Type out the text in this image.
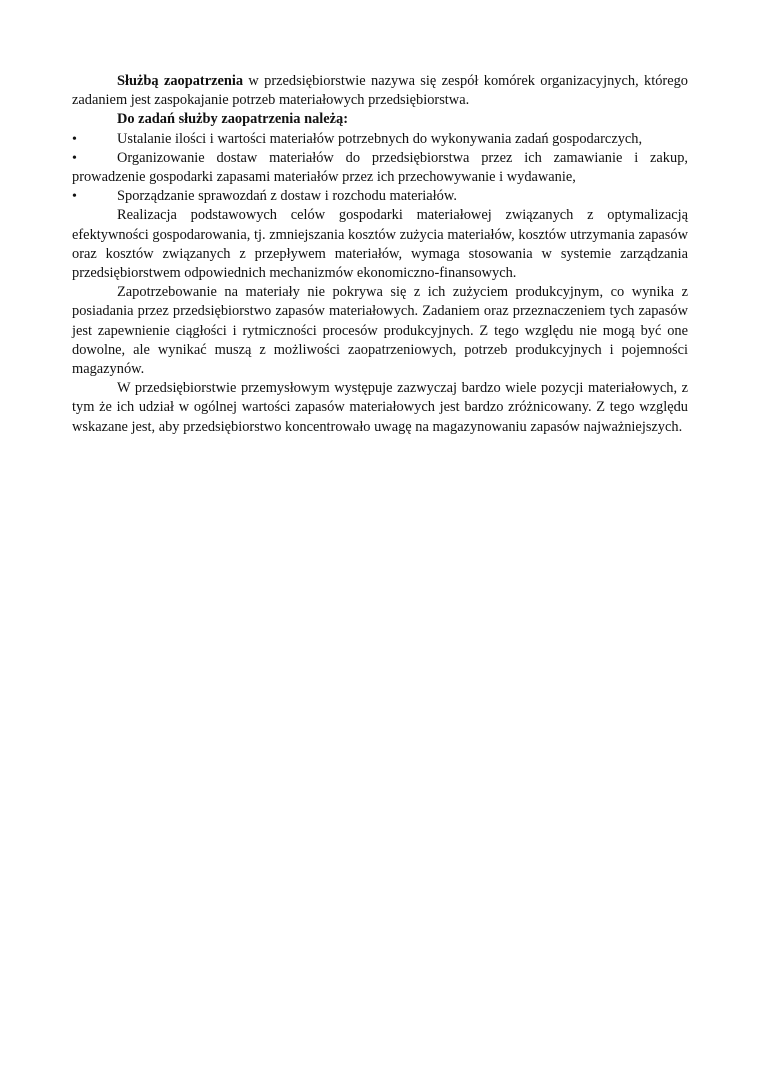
Służbą zaopatrzenia w przedsiębiorstwie nazywa się zespół komórek organizacyjnych, którego zadaniem jest zaspokajanie potrzeb materiałowych przedsiębiorstwa.

Do zadań służby zaopatrzenia należą:

•	Ustalanie ilości i wartości materiałów potrzebnych do wykonywania zadań gospodarczych,
•	Organizowanie dostaw materiałów do przedsiębiorstwa przez ich zamawianie i zakup, prowadzenie gospodarki zapasami materiałów przez ich przechowywanie i wydawanie,
•	Sporządzanie sprawozdań z dostaw i rozchodu materiałów.

Realizacja podstawowych celów gospodarki materiałowej związanych z optymalizacją efektywności gospodarowania, tj. zmniejszania kosztów zużycia materiałów, kosztów utrzymania zapasów oraz kosztów związanych z przepływem materiałów, wymaga stosowania w systemie zarządzania przedsiębiorstwem odpowiednich mechanizmów ekonomiczno-finansowych.

Zapotrzebowanie na materiały nie pokrywa się z ich zużyciem produkcyjnym, co wynika z posiadania przez przedsiębiorstwo zapasów materiałowych. Zadaniem oraz przeznaczeniem tych zapasów jest zapewnienie ciągłości i rytmiczności procesów produkcyjnych. Z tego względu nie mogą być one dowolne, ale wynikać muszą z możliwości zaopatrzeniowych, potrzeb produkcyjnych i pojemności magazynów.

W przedsiębiorstwie przemysłowym występuje zazwyczaj bardzo wiele pozycji materiałowych, z tym że ich udział w ogólnej wartości zapasów materiałowych jest bardzo zróżnicowany. Z tego względu wskazane jest, aby przedsiębiorstwo koncentrowało uwagę na magazynowaniu zapasów najważniejszych.
